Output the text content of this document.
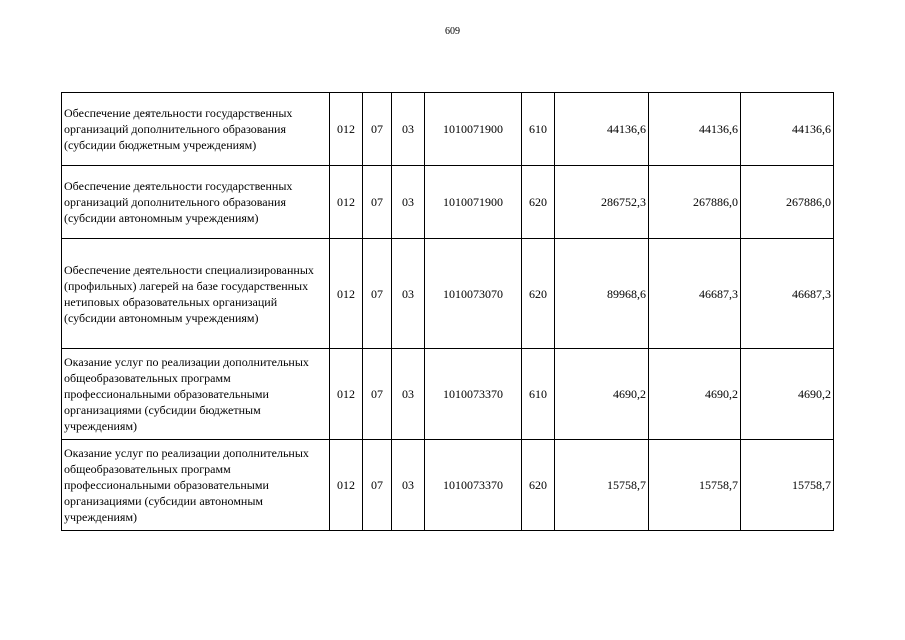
609
Обеспечение деятельности государственных организаций дополнительного образования (субсидии бюджетным учреждениям)	012	07	03	1010071900	610	44136,6	44136,6	44136,6
Обеспечение деятельности государственных организаций дополнительного образования (субсидии автономным учреждениям)	012	07	03	1010071900	620	286752,3	267886,0	267886,0
Обеспечение деятельности специализированных (профильных) лагерей на базе государственных нетиповых образовательных организаций (субсидии автономным учреждениям)	012	07	03	1010073070	620	89968,6	46687,3	46687,3
Оказание услуг по реализации дополнительных общеобразовательных программ профессиональными образовательными организациями (субсидии бюджетным учреждениям)	012	07	03	1010073370	610	4690,2	4690,2	4690,2
Оказание услуг по реализации дополнительных общеобразовательных программ профессиональными образовательными организациями (субсидии автономным учреждениям)	012	07	03	1010073370	620	15758,7	15758,7	15758,7
